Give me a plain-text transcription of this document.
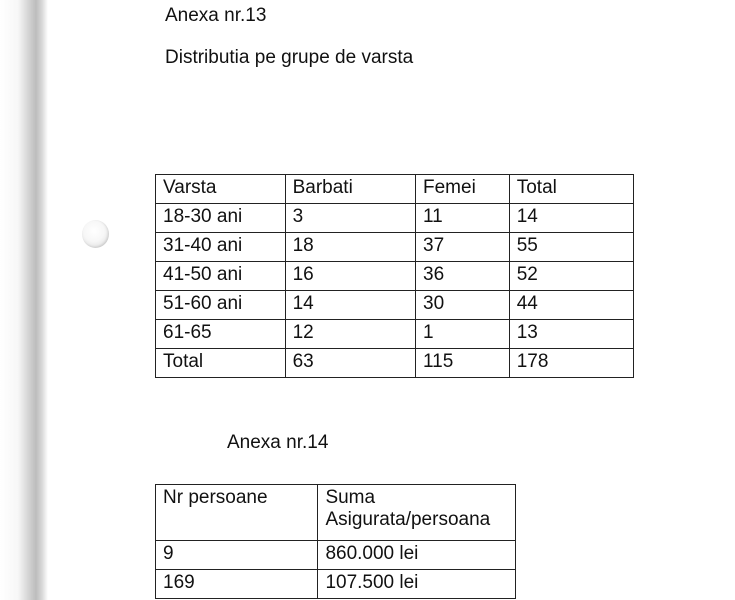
Anexa nr.13
Distributia pe grupe de varsta
Varsta	Barbati	Femei	Total
18-30 ani	3	11	14
31-40 ani	18	37	55
41-50 ani	16	36	52
51-60 ani	14	30	44
61-65	12	1	13
Total	63	115	178
Anexa nr.14
Nr persoane	Suma
Asigurata/persoana

9	860.000 lei
169	107.500 lei
